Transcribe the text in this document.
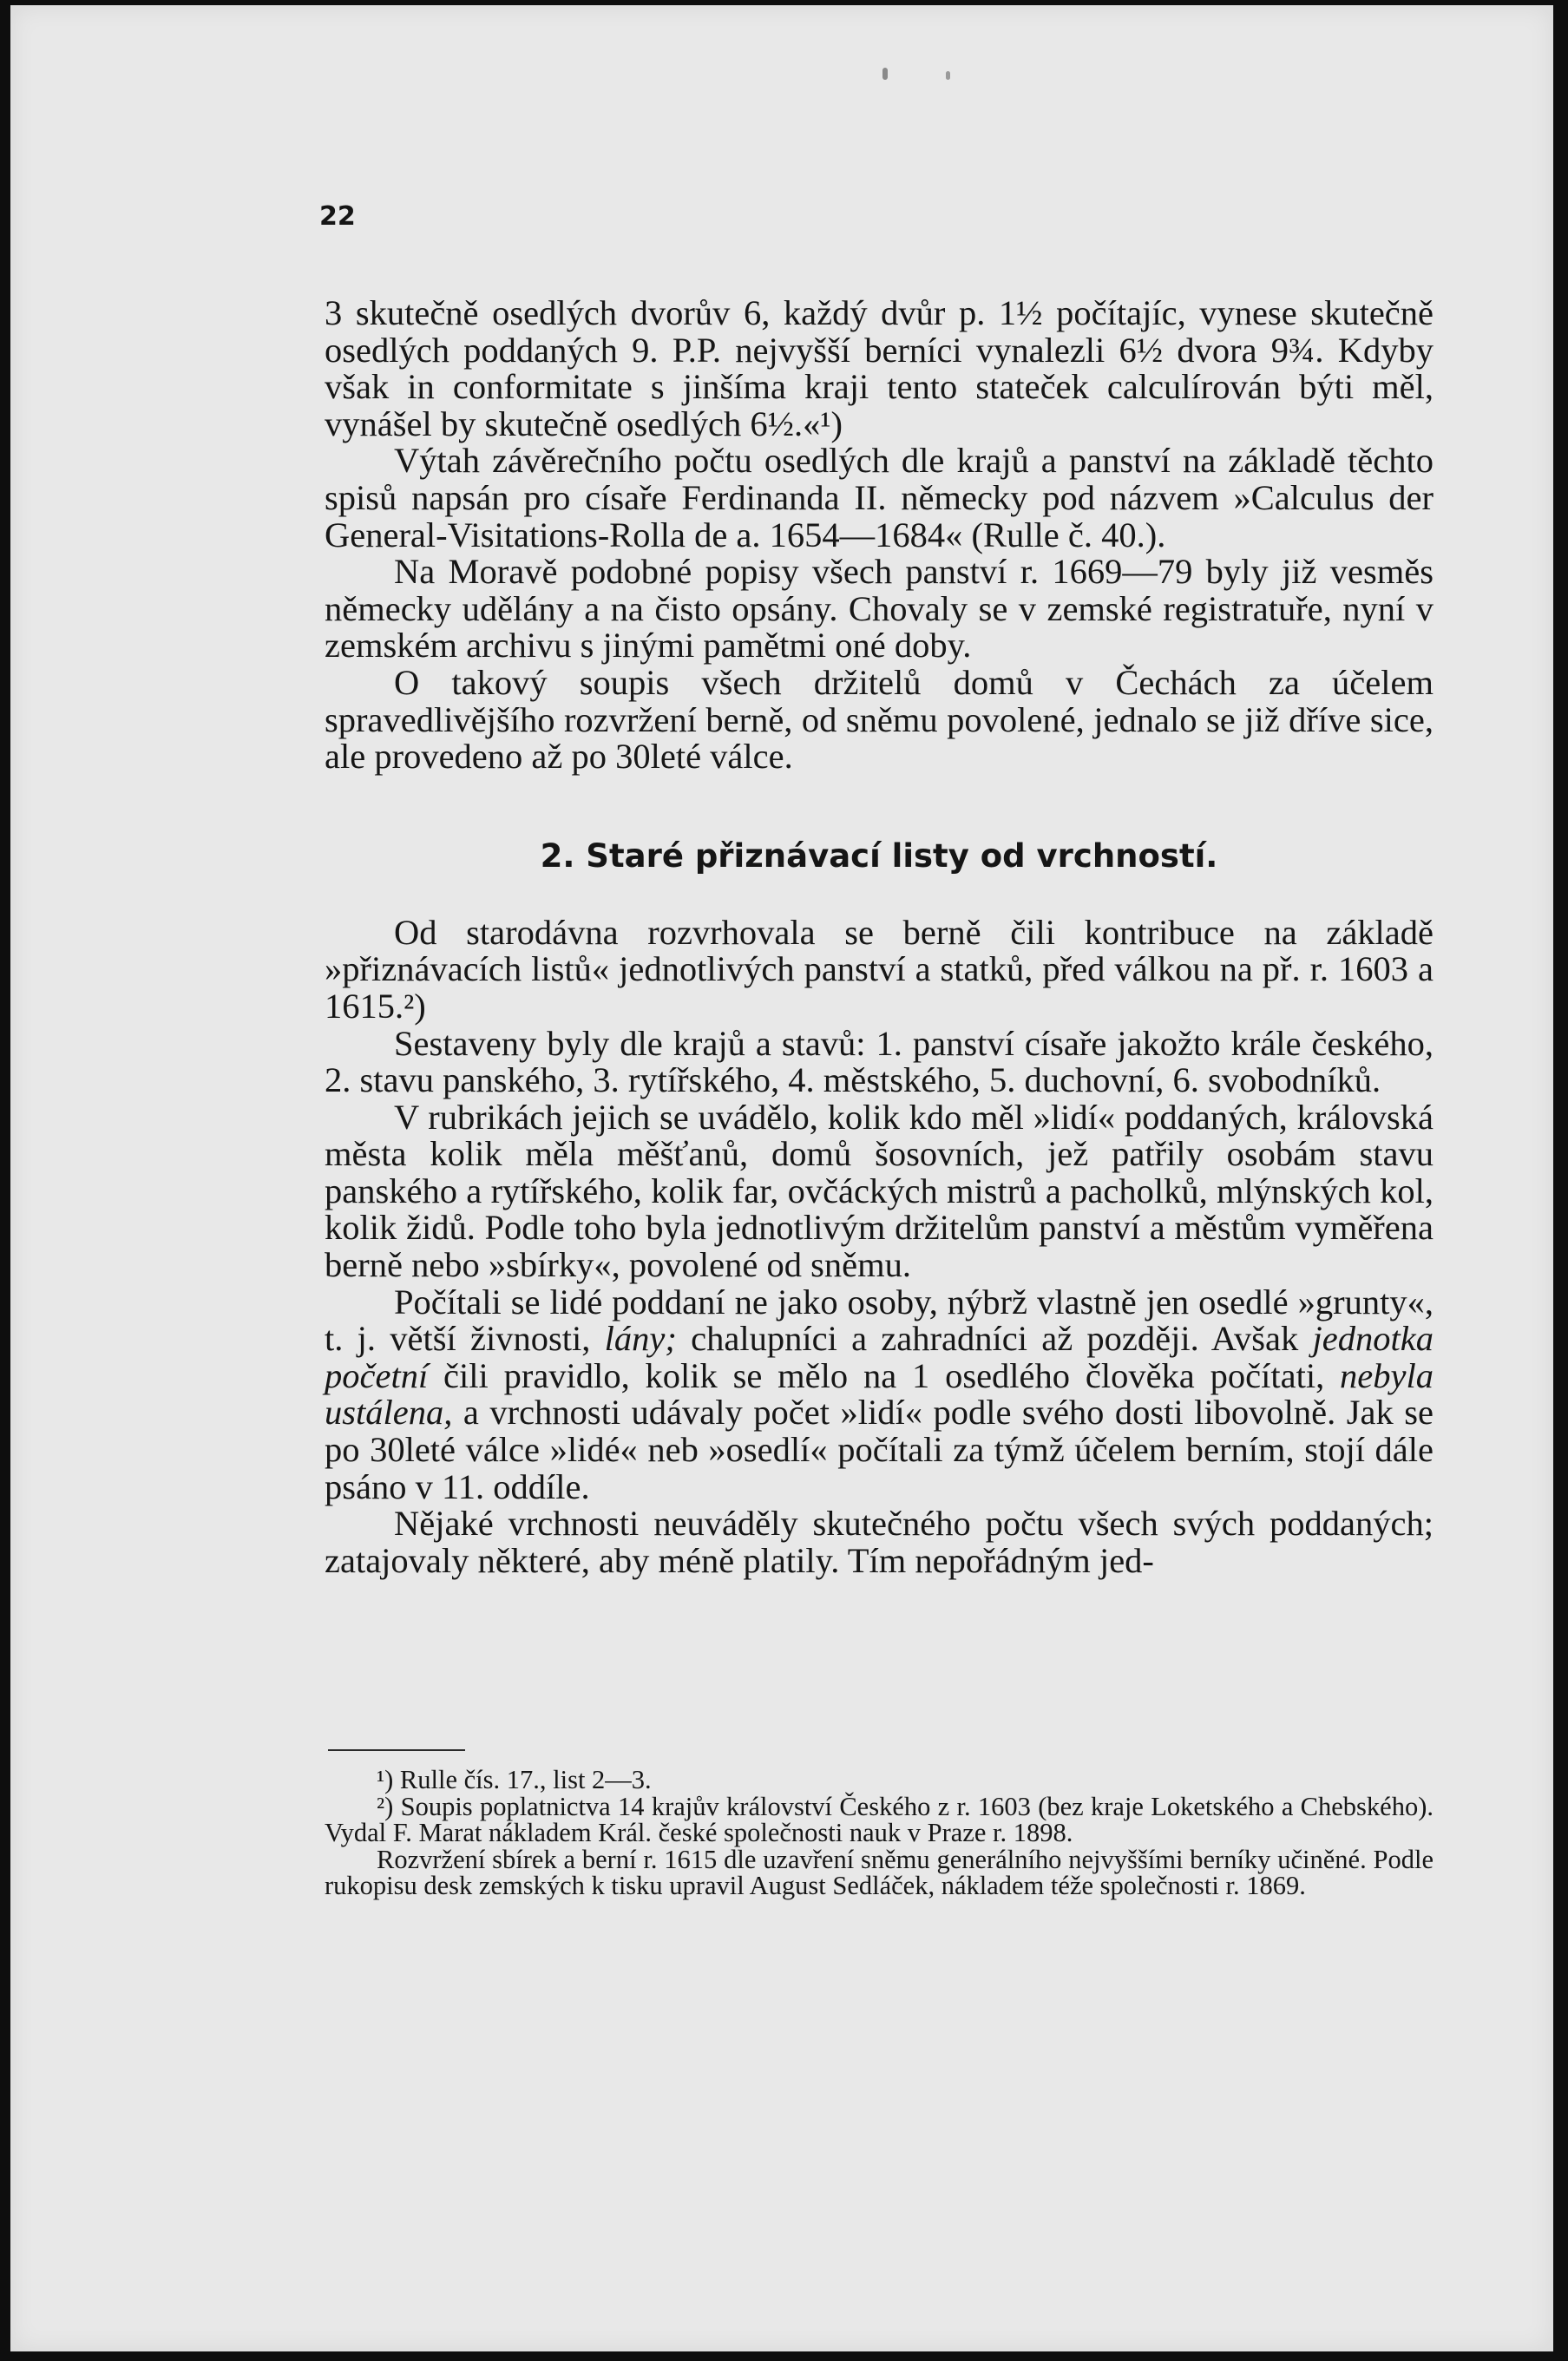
22

3 skutečně osedlých dvorův 6, každý dvůr p. 1½ počítajíc, vynese skutečně osedlých poddaných 9. P.P. nejvyšší berníci vynalezli 6½ dvora 9¾. Kdyby však in conformitate s jinšíma kraji tento stateček calculírován býti měl, vynášel by skutečně osedlých 6½.«¹)

Výtah závěrečního počtu osedlých dle krajů a panství na základě těchto spisů napsán pro císaře Ferdinanda II. německy pod názvem »Calculus der General-Visitations-Rolla de a. 1654—1684« (Rulle č. 40.).

Na Moravě podobné popisy všech panství r. 1669—79 byly již vesměs německy udělány a na čisto opsány. Chovaly se v zemské registratuře, nyní v zemském archivu s jinými pamětmi oné doby.

O takový soupis všech držitelů domů v Čechách za účelem spravedlivějšího rozvržení berně, od sněmu povolené, jednalo se již dříve sice, ale provedeno až po 30leté válce.

2. Staré přiznávací listy od vrchností.

Od starodávna rozvrhovala se berně čili kontribuce na základě »přiznávacích listů« jednotlivých panství a statků, před válkou na př. r. 1603 a 1615.²)

Sestaveny byly dle krajů a stavů: 1. panství císaře jakožto krále českého, 2. stavu panského, 3. rytířského, 4. městského, 5. duchovní, 6. svobodníků.

V rubrikách jejich se uvádělo, kolik kdo měl »lidí« poddaných, královská města kolik měla měšťanů, domů šosovních, jež patřily osobám stavu panského a rytířského, kolik far, ovčáckých mistrů a pacholků, mlýnských kol, kolik židů. Podle toho byla jednotlivým držitelům panství a městům vyměřena berně nebo »sbírky«, povolené od sněmu.

Počítali se lidé poddaní ne jako osoby, nýbrž vlastně jen osedlé »grunty«, t. j. větší živnosti, lány; chalupníci a zahradníci až později. Avšak jednotka početní čili pravidlo, kolik se mělo na 1 osedlého člověka počítati, nebyla ustálena, a vrchnosti udávaly počet »lidí« podle svého dosti libovolně. Jak se po 30leté válce »lidé« neb »osedlí« počítali za týmž účelem berním, stojí dále psáno v 11. oddíle.

Nějaké vrchnosti neuváděly skutečného počtu všech svých poddaných; zatajovaly některé, aby méně platily. Tím nepořádným jed-

¹) Rulle čís. 17., list 2—3.

²) Soupis poplatnictva 14 krajův království Českého z r. 1603 (bez kraje Loketského a Chebského). Vydal F. Marat nákladem Král. české společnosti nauk v Praze r. 1898.

Rozvržení sbírek a berní r. 1615 dle uzavření sněmu generálního nejvyššími berníky učiněné. Podle rukopisu desk zemských k tisku upravil August Sedláček, nákladem téže společnosti r. 1869.
